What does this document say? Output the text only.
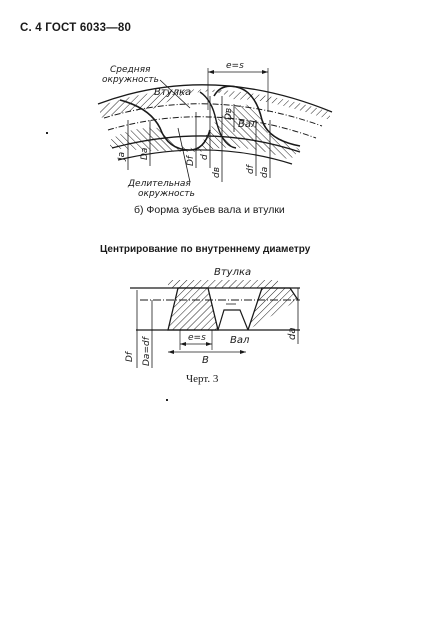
С. 4 ГОСТ 6033—80
Средняя
окружность
Втулка
Вал
e=s
Делительная
окружность
Ja Da
Df d
dв
Dв
df da
б) Форма зубьев вала и втулки
Центрирование по внутреннему диаметру
Втулка
Вал
e=s
B
Df Da=df
da
Черт. 3
